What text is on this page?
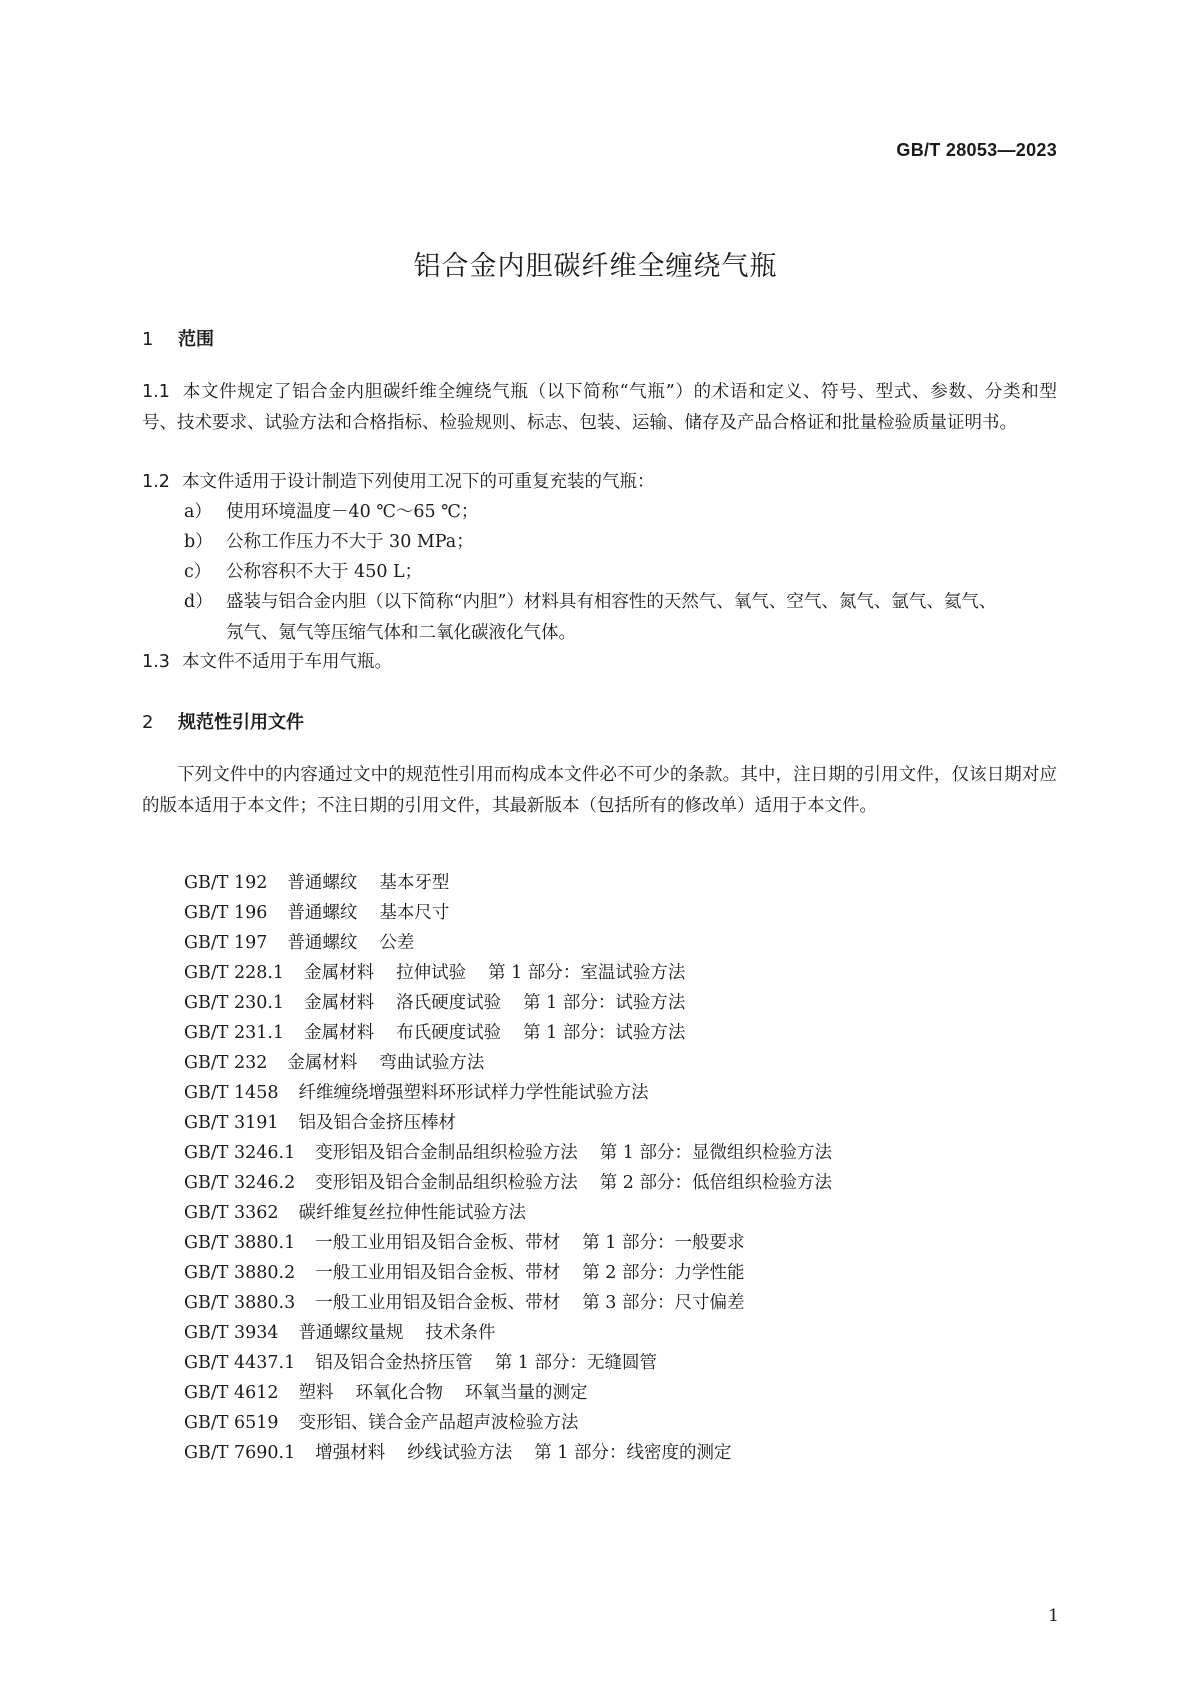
GB/T 28053—2023
铝合金内胆碳纤维全缠绕气瓶
1 范围
1.1 本文件规定了铝合金内胆碳纤维全缠绕气瓶（以下简称“气瓶”）的术语和定义、符号、型式、参数、分类和型号、技术要求、试验方法和合格指标、检验规则、标志、包装、运输、储存及产品合格证和批量检验质量证明书。
1.2 本文件适用于设计制造下列使用工况下的可重复充装的气瓶：
a） 使用环境温度－40 ℃～65 ℃；
b） 公称工作压力不大于 30 MPa；
c） 公称容积不大于 450 L；
d） 盛装与铝合金内胆（以下简称“内胆”）材料具有相容性的天然气、氧气、空气、氮气、氩气、氦气、
氖气、氪气等压缩气体和二氧化碳液化气体。
1.3 本文件不适用于车用气瓶。
2 规范性引用文件
下列文件中的内容通过文中的规范性引用而构成本文件必不可少的条款。其中，注日期的引用文件，仅该日期对应的版本适用于本文件；不注日期的引用文件，其最新版本（包括所有的修改单）适用于本文件。
GB/T 192 普通螺纹 基本牙型
GB/T 196 普通螺纹 基本尺寸
GB/T 197 普通螺纹 公差
GB/T 228.1 金属材料 拉伸试验 第 1 部分：室温试验方法
GB/T 230.1 金属材料 洛氏硬度试验 第 1 部分：试验方法
GB/T 231.1 金属材料 布氏硬度试验 第 1 部分：试验方法
GB/T 232 金属材料 弯曲试验方法
GB/T 1458 纤维缠绕增强塑料环形试样力学性能试验方法
GB/T 3191 铝及铝合金挤压棒材
GB/T 3246.1 变形铝及铝合金制品组织检验方法 第 1 部分：显微组织检验方法
GB/T 3246.2 变形铝及铝合金制品组织检验方法 第 2 部分：低倍组织检验方法
GB/T 3362 碳纤维复丝拉伸性能试验方法
GB/T 3880.1 一般工业用铝及铝合金板、带材 第 1 部分：一般要求
GB/T 3880.2 一般工业用铝及铝合金板、带材 第 2 部分：力学性能
GB/T 3880.3 一般工业用铝及铝合金板、带材 第 3 部分：尺寸偏差
GB/T 3934 普通螺纹量规 技术条件
GB/T 4437.1 铝及铝合金热挤压管 第 1 部分：无缝圆管
GB/T 4612 塑料 环氧化合物 环氧当量的测定
GB/T 6519 变形铝、镁合金产品超声波检验方法
GB/T 7690.1 增强材料 纱线试验方法 第 1 部分：线密度的测定
1
